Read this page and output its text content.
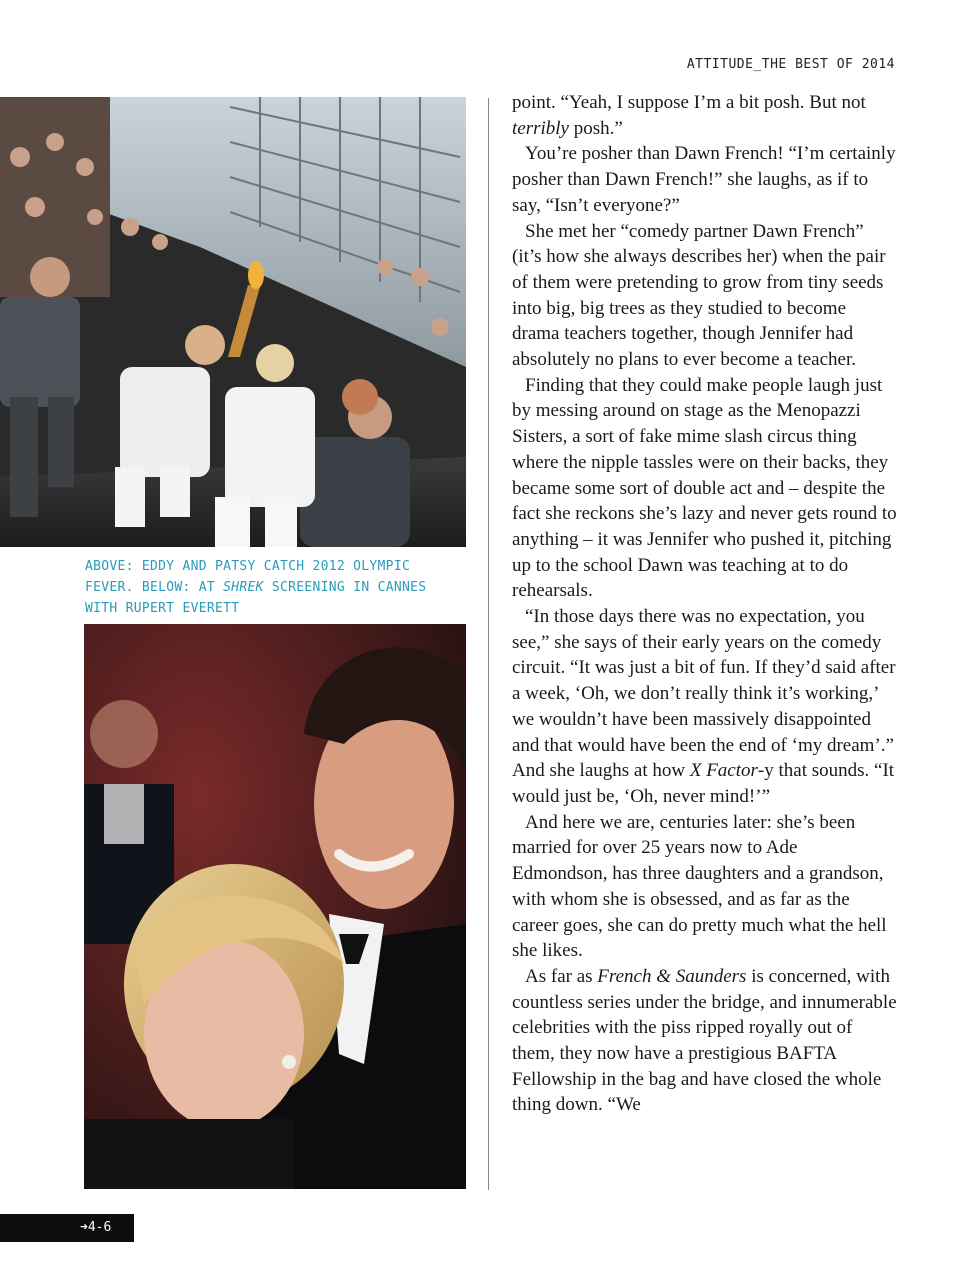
ATTITUDE_THE BEST OF 2014
ABOVE: EDDY AND PATSY CATCH 2012 OLYMPIC FEVER. BELOW: AT SHREK SCREENING IN CANNES WITH RUPERT EVERETT

point. “Yeah, I suppose I’m a bit posh. But not terribly posh.”

You’re posher than Dawn French! “I’m certainly posher than Dawn French!” she laughs, as if to say, “Isn’t everyone?”

She met her “comedy partner Dawn French” (it’s how she always describes her) when the pair of them were pretending to grow from tiny seeds into big, big trees as they studied to become drama teachers together, though Jennifer had absolutely no plans to ever become a teacher.

Finding that they could make people laugh just by messing around on stage as the Menopazzi Sisters, a sort of fake mime slash circus thing where the nipple tassles were on their backs, they became some sort of double act and – despite the fact she reckons she’s lazy and never gets round to anything – it was Jennifer who pushed it, pitching up to the school Dawn was teaching at to do rehearsals.

“In those days there was no expectation, you see,” she says of their early years on the comedy circuit. “It was just a bit of fun. If they’d said after a week, ‘Oh, we don’t really think it’s working,’ we wouldn’t have been massively disappointed and that would have been the end of ‘my dream’.” And she laughs at how X Factor-y that sounds. “It would just be, ‘Oh, never mind!’”

And here we are, centuries later: she’s been married for over 25 years now to Ade Edmondson, has three daughters and a grandson, with whom she is obsessed, and as far as the career goes, she can do pretty much what the hell she likes.

As far as French & Saunders is concerned, with countless series under the bridge, and innumerable celebrities with the piss ripped royally out of them, they now have a prestigious BAFTA Fellowship in the bag and have closed the whole thing down. “We

➜4-6
